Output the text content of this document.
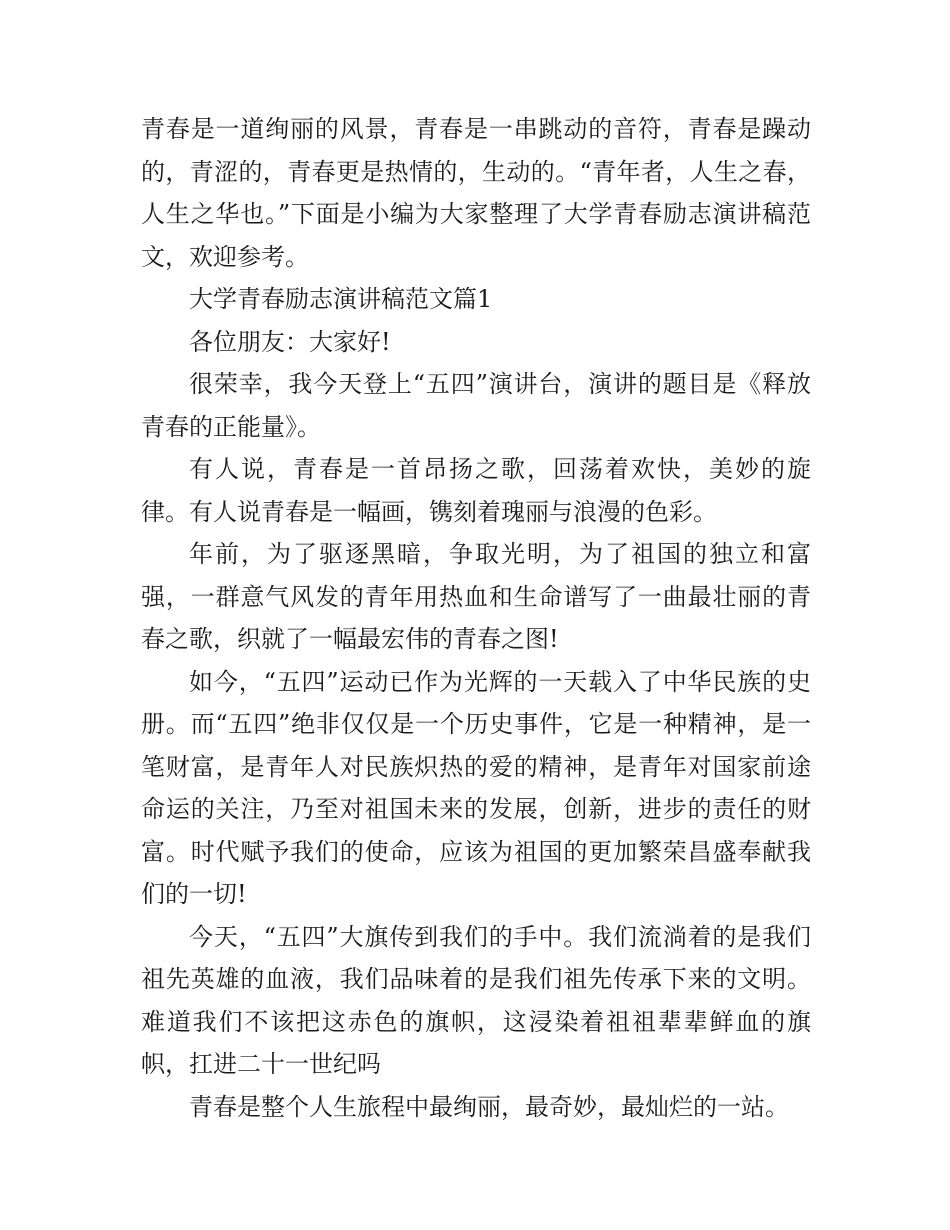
青春是一道绚丽的风景，青春是一串跳动的音符，青春是躁动的，青涩的，青春更是热情的，生动的。“青年者，人生之春，人生之华也。”下面是小编为大家整理了大学青春励志演讲稿范文，欢迎参考。

大学青春励志演讲稿范文篇1

各位朋友：大家好!

很荣幸，我今天登上“五四”演讲台，演讲的题目是《释放青春的正能量》。

有人说，青春是一首昂扬之歌，回荡着欢快，美妙的旋律。有人说青春是一幅画，镌刻着瑰丽与浪漫的色彩。

年前，为了驱逐黑暗，争取光明，为了祖国的独立和富强，一群意气风发的青年用热血和生命谱写了一曲最壮丽的青春之歌，织就了一幅最宏伟的青春之图!

如今，“五四”运动已作为光辉的一天载入了中华民族的史册。而“五四”绝非仅仅是一个历史事件，它是一种精神，是一笔财富，是青年人对民族炽热的爱的精神，是青年对国家前途命运的关注，乃至对祖国未来的发展，创新，进步的责任的财富。时代赋予我们的使命，应该为祖国的更加繁荣昌盛奉献我们的一切!

今天，“五四”大旗传到我们的手中。我们流淌着的是我们祖先英雄的血液，我们品味着的是我们祖先传承下来的文明。难道我们不该把这赤色的旗帜，这浸染着祖祖辈辈鲜血的旗帜，扛进二十一世纪吗

青春是整个人生旅程中最绚丽，最奇妙，最灿烂的一站。
